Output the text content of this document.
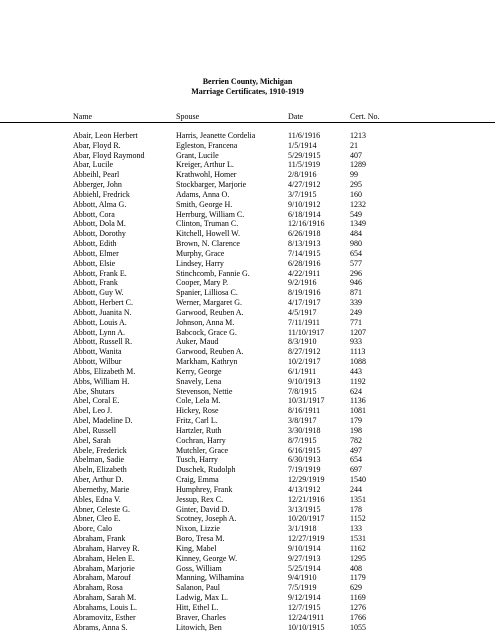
Berrien County, Michigan
Marriage Certificates, 1910-1919
Name	Spouse	Date	Cert. No.
Abair, Leon Herbert	Harris, Jeanette Cordelia	11/6/1916	1213
Abar, Floyd R.	Egleston, Francena	1/5/1914	21
Abar, Floyd Raymond	Grant, Lucile	5/29/1915	407
Abar, Lucile	Kreiger, Arthur L.	11/5/1919	1289
Abbeihl, Pearl	Krathwohl, Homer	2/8/1916	99
Abberger, John	Stockbarger, Marjorie	4/27/1912	295
Abbiehl, Fredrick	Adams, Anna O.	3/7/1915	160
Abbott, Alma G.	Smith, George H.	9/10/1912	1232
Abbott, Cora	Herrburg, William C.	6/18/1914	549
Abbott, Dola M.	Clinton, Truman C.	12/16/1916	1349
Abbott, Dorothy	Kitchell, Howell W.	6/26/1918	484
Abbott, Edith	Brown, N. Clarence	8/13/1913	980
Abbott, Elmer	Murphy, Grace	7/14/1915	654
Abbott, Elsie	Lindsey, Harry	6/28/1916	577
Abbott, Frank E.	Stinchcomb, Fannie G.	4/22/1911	296
Abbott, Frank	Cooper, Mary P.	9/2/1916	946
Abbott, Guy W.	Spanier, Lilliosa C.	8/19/1916	871
Abbott, Herbert C.	Werner, Margaret G.	4/17/1917	339
Abbott, Juanita N.	Garwood, Reuben A.	4/5/1917	249
Abbott, Louis A.	Johnson, Anna M.	7/11/1911	771
Abbott, Lynn A.	Babcock, Grace G.	11/10/1917	1207
Abbott, Russell R.	Auker, Maud	8/3/1910	933
Abbott, Wanita	Garwood, Reuben A.	8/27/1912	1113
Abbott, Wilbur	Markham, Kathryn	10/2/1917	1088
Abbs, Elizabeth M.	Kerry, George	6/1/1911	443
Abbs, William H.	Snavely, Lena	9/10/1913	1192
Abe, Shutars	Stevenson, Nettie	7/8/1915	624
Abel, Coral E.	Cole, Lela M.	10/31/1917	1136
Abel, Leo J.	Hickey, Rose	8/16/1911	1081
Abel, Madeline D.	Fritz, Carl L.	3/8/1917	179
Abel, Russell	Hartzler, Ruth	3/30/1918	198
Abel, Sarah	Cochran, Harry	8/7/1915	782
Abele, Frederick	Mutchler, Grace	6/16/1915	497
Abelman, Sadie	Tusch, Harry	6/30/1913	654
Abeln, Elizabeth	Duschek, Rudolph	7/19/1919	697
Aber, Arthur D.	Craig, Emma	12/29/1919	1540
Abernethy, Marie	Humphrey, Frank	4/13/1912	244
Ables, Edna V.	Jessup, Rex C.	12/21/1916	1351
Abner, Celeste G.	Ginter, David D.	3/13/1915	178
Abner, Cleo E.	Scotney, Joseph A.	10/20/1917	1152
Abore, Calo	Nixon, Lizzie	3/1/1918	133
Abraham, Frank	Boro, Tresa M.	12/27/1919	1531
Abraham, Harvey R.	King, Mabel	9/10/1914	1162
Abraham, Helen E.	Kinney, George W.	9/27/1913	1295
Abraham, Marjorie	Goss, William	5/25/1914	408
Abraham, Marouf	Manning, Wilhamina	9/4/1910	1179
Abraham, Rosa	Salanon, Paul	7/5/1919	629
Abraham, Sarah M.	Ladwig, Max L.	9/12/1914	1169
Abrahams, Louis L.	Hitt, Ethel L.	12/7/1915	1276
Abramovitz, Esther	Braver, Charles	12/24/1911	1766
Abrams, Anna S.	Litowich, Ben	10/10/1915	1055
